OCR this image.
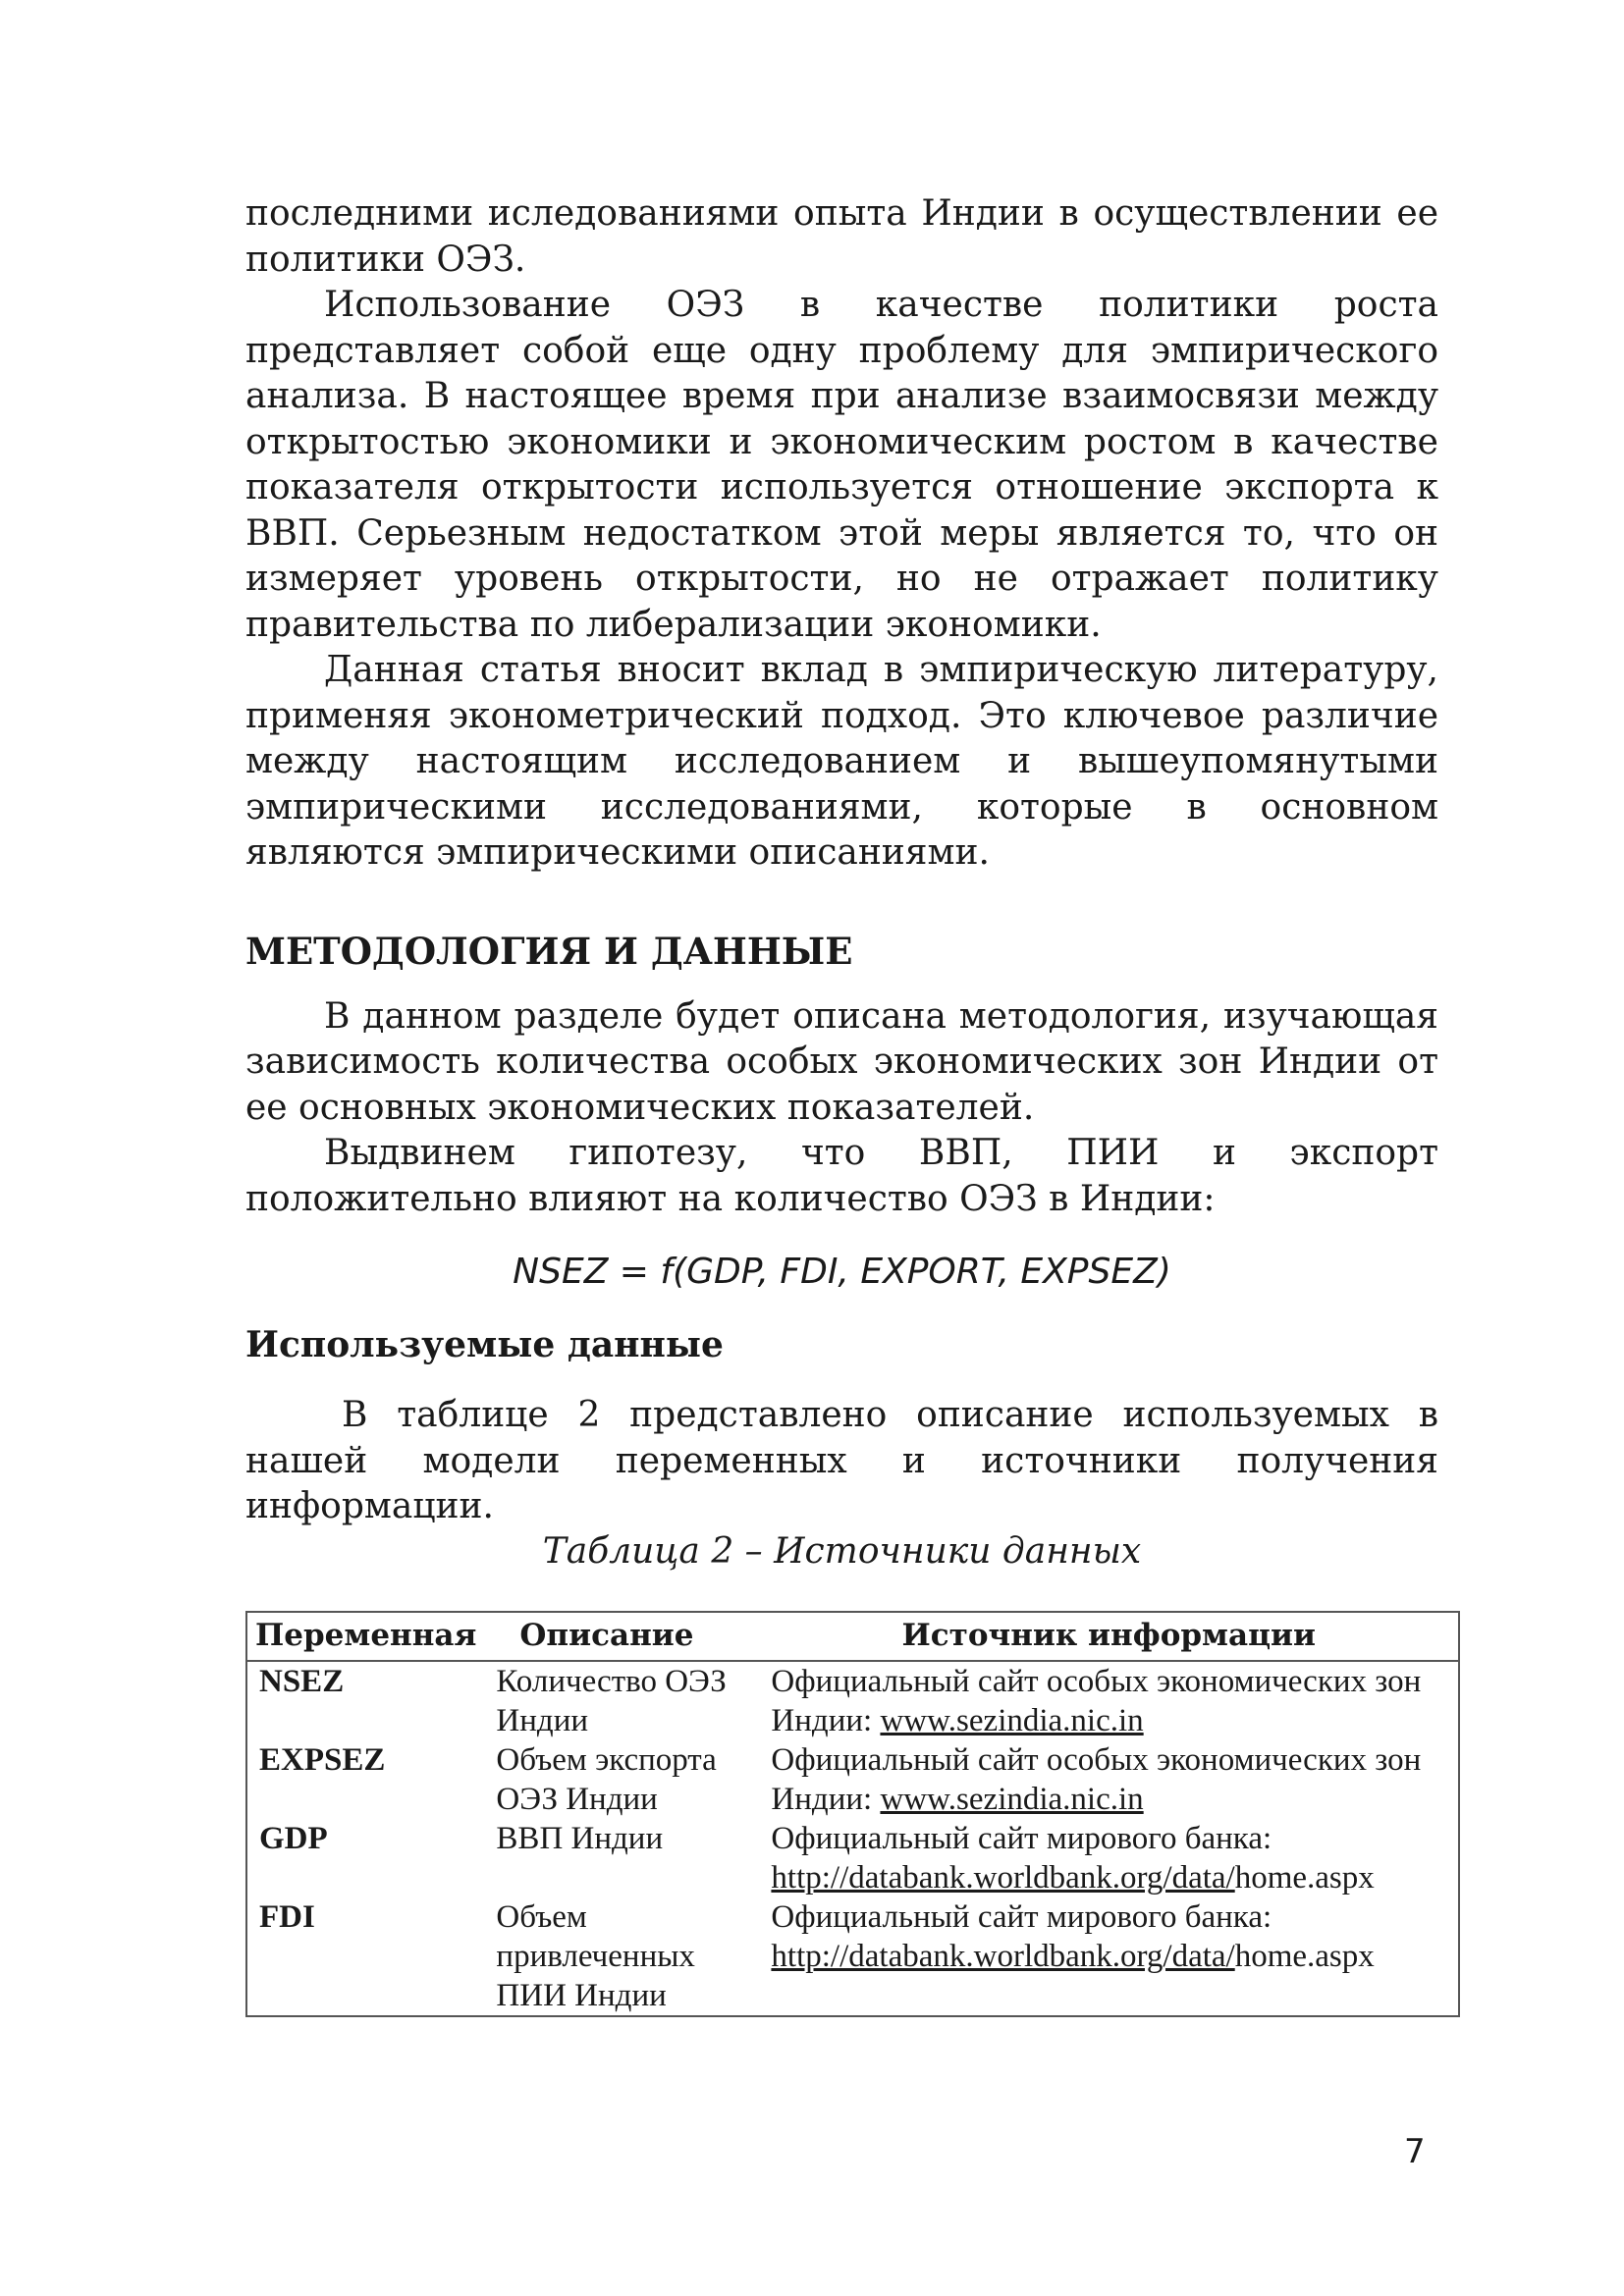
последними иследованиями опыта Индии в осуществлении ее политики ОЭЗ.

Использование ОЭЗ в качестве политики роста представляет собой еще одну проблему для эмпирического анализа. В настоящее время при анализе взаимосвязи между открытостью экономики и экономическим ростом в качестве показателя открытости используется отношение экспорта к ВВП. Серьезным недостатком этой меры является то, что он измеряет уровень открытости, но не отражает политику правительства по либерализации экономики.

Данная статья вносит вклад в эмпирическую литературу, применяя эконометрический подход. Это ключевое различие между настоящим исследованием и вышеупомянутыми эмпирическими исследованиями, которые в основном являются эмпирическими описаниями.

МЕТОДОЛОГИЯ И ДАННЫЕ

В данном разделе будет описана методология, изучающая зависимость количества особых экономических зон Индии от ее основных экономических показателей.

Выдвинем гипотезу, что ВВП, ПИИ и экспорт положительно влияют на количество ОЭЗ в Индии:

NSEZ = f(GDP, FDI, EXPORT, EXPSEZ)
Используемые данные

В таблице 2 представлено описание используемых в нашей модели переменных и источники получения информации.

Таблица 2 – Источники данных
Переменная	Описание	Источник информации
NSEZ	Количество ОЭЗ Индии	Официальный сайт особых экономических зон Индии: www.sezindia.nic.in
EXPSEZ	Объем экспорта ОЭЗ Индии	Официальный сайт особых экономических зон Индии: www.sezindia.nic.in
GDP	ВВП Индии	Официальный сайт мирового банка: http://databank.worldbank.org/data/home.aspx
FDI	Объем привлеченных ПИИ Индии	Официальный сайт мирового банка: http://databank.worldbank.org/data/home.aspx
7
